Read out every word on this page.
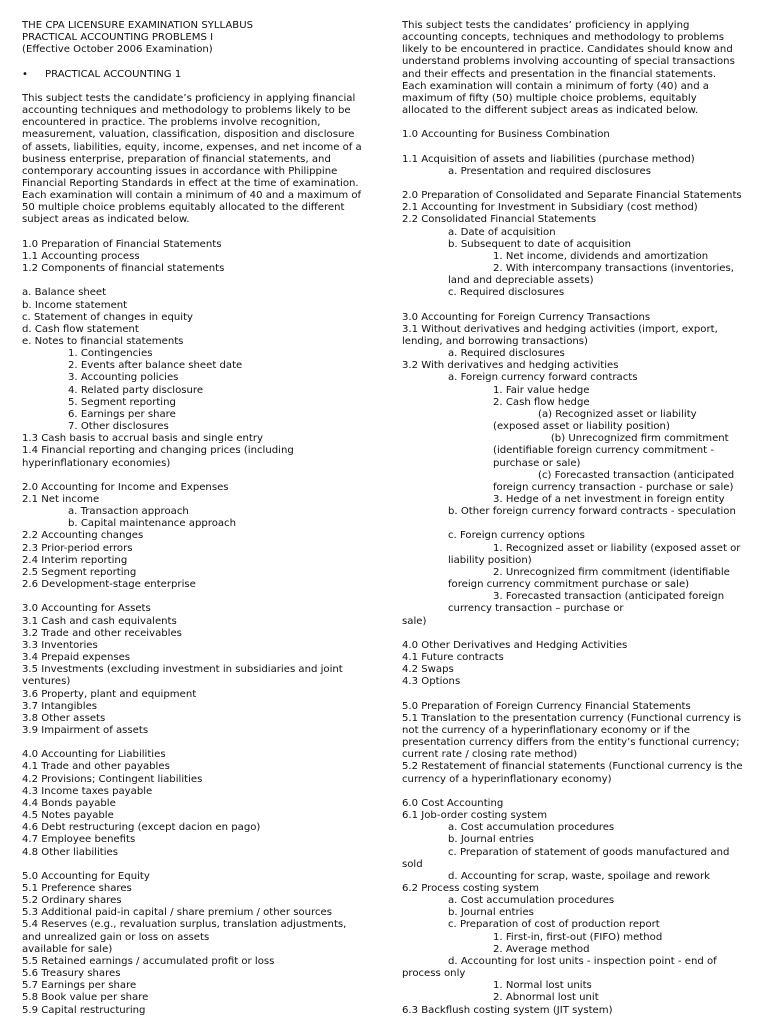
THE CPA LICENSURE EXAMINATION SYLLABUS

PRACTICAL ACCOUNTING PROBLEMS I

(Effective October 2006 Examination)

• PRACTICAL ACCOUNTING 1

This subject tests the candidate’s proficiency in applying financial

accounting techniques and methodology to problems likely to be

encountered in practice. The problems involve recognition,

measurement, valuation, classification, disposition and disclosure

of assets, liabilities, equity, income, expenses, and net income of a

business enterprise, preparation of financial statements, and

contemporary accounting issues in accordance with Philippine

Financial Reporting Standards in effect at the time of examination.

Each examination will contain a minimum of 40 and a maximum of

50 multiple choice problems equitably allocated to the different

subject areas as indicated below.

1.0 Preparation of Financial Statements

1.1 Accounting process

1.2 Components of financial statements

a. Balance sheet

b. Income statement

c. Statement of changes in equity

d. Cash flow statement

e. Notes to financial statements

1. Contingencies

2. Events after balance sheet date

3. Accounting policies

4. Related party disclosure

5. Segment reporting

6. Earnings per share

7. Other disclosures

1.3 Cash basis to accrual basis and single entry

1.4 Financial reporting and changing prices (including

hyperinflationary economies)

2.0 Accounting for Income and Expenses

2.1 Net income

a. Transaction approach

b. Capital maintenance approach

2.2 Accounting changes

2.3 Prior-period errors

2.4 Interim reporting

2.5 Segment reporting

2.6 Development-stage enterprise

3.0 Accounting for Assets

3.1 Cash and cash equivalents

3.2 Trade and other receivables

3.3 Inventories

3.4 Prepaid expenses

3.5 Investments (excluding investment in subsidiaries and joint

ventures)

3.6 Property, plant and equipment

3.7 Intangibles

3.8 Other assets

3.9 Impairment of assets

4.0 Accounting for Liabilities

4.1 Trade and other payables

4.2 Provisions; Contingent liabilities

4.3 Income taxes payable

4.4 Bonds payable

4.5 Notes payable

4.6 Debt restructuring (except dacion en pago)

4.7 Employee benefits

4.8 Other liabilities

5.0 Accounting for Equity

5.1 Preference shares

5.2 Ordinary shares

5.3 Additional paid-in capital / share premium / other sources

5.4 Reserves (e.g., revaluation surplus, translation adjustments,

and unrealized gain or loss on assets

available for sale)

5.5 Retained earnings / accumulated profit or loss

5.6 Treasury shares

5.7 Earnings per share

5.8 Book value per share

5.9 Capital restructuring

This subject tests the candidates’ proficiency in applying

accounting concepts, techniques and methodology to problems

likely to be encountered in practice. Candidates should know and

understand problems involving accounting of special transactions

and their effects and presentation in the financial statements.

Each examination will contain a minimum of forty (40) and a

maximum of fifty (50) multiple choice problems, equitably

allocated to the different subject areas as indicated below.

1.0 Accounting for Business Combination

1.1 Acquisition of assets and liabilities (purchase method)

a. Presentation and required disclosures

2.0 Preparation of Consolidated and Separate Financial Statements

2.1 Accounting for Investment in Subsidiary (cost method)

2.2 Consolidated Financial Statements

a. Date of acquisition

b. Subsequent to date of acquisition

1. Net income, dividends and amortization

2. With intercompany transactions (inventories,

land and depreciable assets)

c. Required disclosures

3.0 Accounting for Foreign Currency Transactions

3.1 Without derivatives and hedging activities (import, export,

lending, and borrowing transactions)

a. Required disclosures

3.2 With derivatives and hedging activities

a. Foreign currency forward contracts

1. Fair value hedge

2. Cash flow hedge

(a) Recognized asset or liability

(exposed asset or liability position)

(b) Unrecognized firm commitment

(identifiable foreign currency commitment -

purchase or sale)

(c) Forecasted transaction (anticipated

foreign currency transaction - purchase or sale)

3. Hedge of a net investment in foreign entity

b. Other foreign currency forward contracts - speculation

c. Foreign currency options

1. Recognized asset or liability (exposed asset or

liability position)

2. Unrecognized firm commitment (identifiable

foreign currency commitment purchase or sale)

3. Forecasted transaction (anticipated foreign

currency transaction – purchase or

sale)

4.0 Other Derivatives and Hedging Activities

4.1 Future contracts

4.2 Swaps

4.3 Options

5.0 Preparation of Foreign Currency Financial Statements

5.1 Translation to the presentation currency (Functional currency is

not the currency of a hyperinflationary economy or if the

presentation currency differs from the entity’s functional currency;

current rate / closing rate method)

5.2 Restatement of financial statements (Functional currency is the

currency of a hyperinflationary economy)

6.0 Cost Accounting

6.1 Job-order costing system

a. Cost accumulation procedures

b. Journal entries

c. Preparation of statement of goods manufactured and

sold

d. Accounting for scrap, waste, spoilage and rework

6.2 Process costing system

a. Cost accumulation procedures

b. Journal entries

c. Preparation of cost of production report

1. First-in, first-out (FIFO) method

2. Average method

d. Accounting for lost units - inspection point - end of

process only

1. Normal lost units

2. Abnormal lost unit

6.3 Backflush costing system (JIT system)
